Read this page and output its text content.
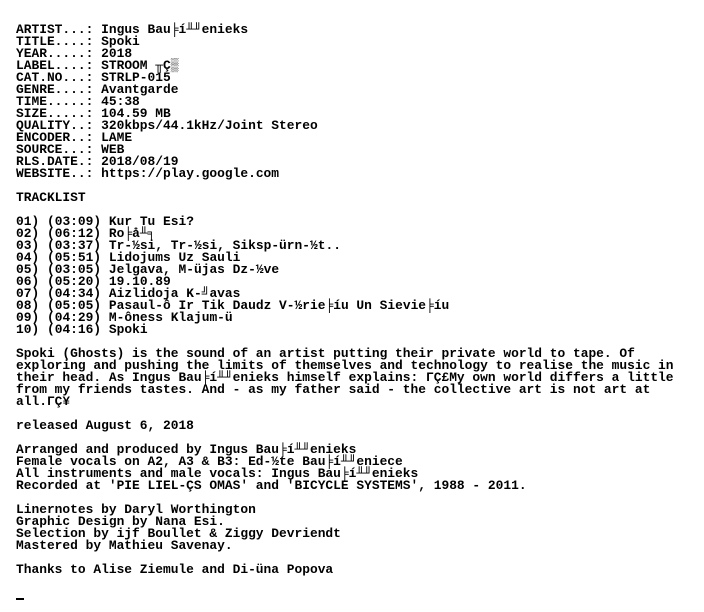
ARTIST...: Ingus Bau╞í╨╜enieks
TITLE....: Spoki
YEAR.....: 2018
LABEL....: STROOM ╥Ç▒
CAT.NO...: STRLP-015
GENRE....: Avantgarde
TIME.....: 45:38
SIZE.....: 104.59 MB
QUALITY..: 320kbps/44.1kHz/Joint Stereo
ENCODER..: LAME
SOURCE...: WEB
RLS.DATE.: 2018/08/19
WEBSITE..: https://play.google.com
TRACKLIST
01) (03:09) Kur Tu Esi?
02) (06:12) Ro╞å╨╕
03) (03:37) Tr-½si, Tr-½si, Siksp-ürn-½t..
04) (05:51) Lidojums Uz Sauli
05) (03:05) Jelgava, M-üjas Dz-½ve
06) (05:20) 19.10.89
07) (04:34) Aizlidoja K-╝avas
08) (05:05) Pasaul-ô Ir Tik Daudz V-½rie╞íu Un Sievie╞íu
09) (04:29) M-ôness Klajum-ü
10) (04:16) Spoki
Spoki (Ghosts) is the sound of an artist putting their private world to tape. Of exploring and pushing the limits of themselves and technology to realise the music in their head. As Ingus Bau╞í╨╜enieks himself explains: ΓÇ£My own world differs a little from my friends tastes. And - as my father said - the collective art is not art at all.ΓÇ¥
released August 6, 2018
Arranged and produced by Ingus Bau╞í╨╜enieks
Female vocals on A2, A3 & B3: Ed-½te Bau╞í╨╜eniece
All instruments and male vocals: Ingus Bau╞í╨╜enieks
Recorded at 'PIE LIEL-ÇS OMAS' and 'BICYCLE SYSTEMS', 1988 - 2011.
Linernotes by Daryl Worthington
Graphic Design by Nana Esi.
Selection by ijf Boullet & Ziggy Devriendt
Mastered by Mathieu Savenay.
Thanks to Alise Ziemule and Di-üna Popova
